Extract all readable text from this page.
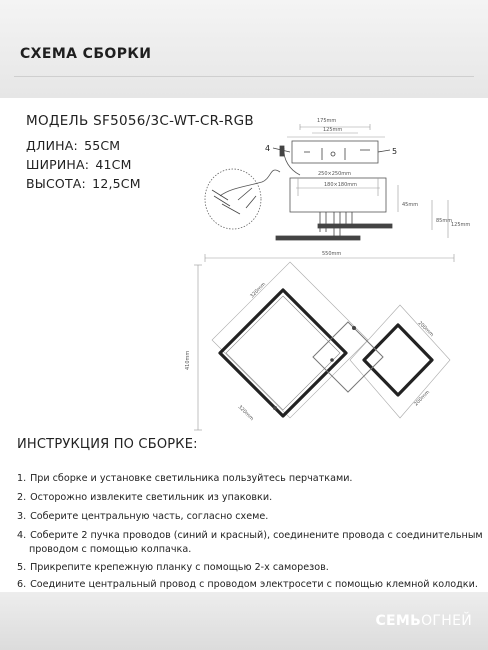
СХЕМА СБОРКИ
МОДЕЛЬ SF5056/3C-WT-CR-RGB
ДЛИНА: 55СМ
ШИРИНА: 41СМ
ВЫСОТА: 12,5СМ
175mm
125mm
250×250mm
180×180mm
45mm
85mm
125mm
550mm
410mm
320mm
320mm
200mm
200mm
4	5
ИНСТРУКЦИЯ ПО СБОРКЕ:
1. При сборке и установке светильника пользуйтесь перчатками.
2. Осторожно извлеките светильник из упаковки.
3. Соберите центральную часть, согласно схеме.
4. Соберите 2 пучка проводов (синий и красный), соединените провода с соединительным
проводом с помощью колпачка.
5. Прикрепите крепежную планку с помощью 2-х саморезов.
6. Соедините центральный провод с проводом электросети с помощью клемной колодки.
СЕМЬОГНЕЙ
